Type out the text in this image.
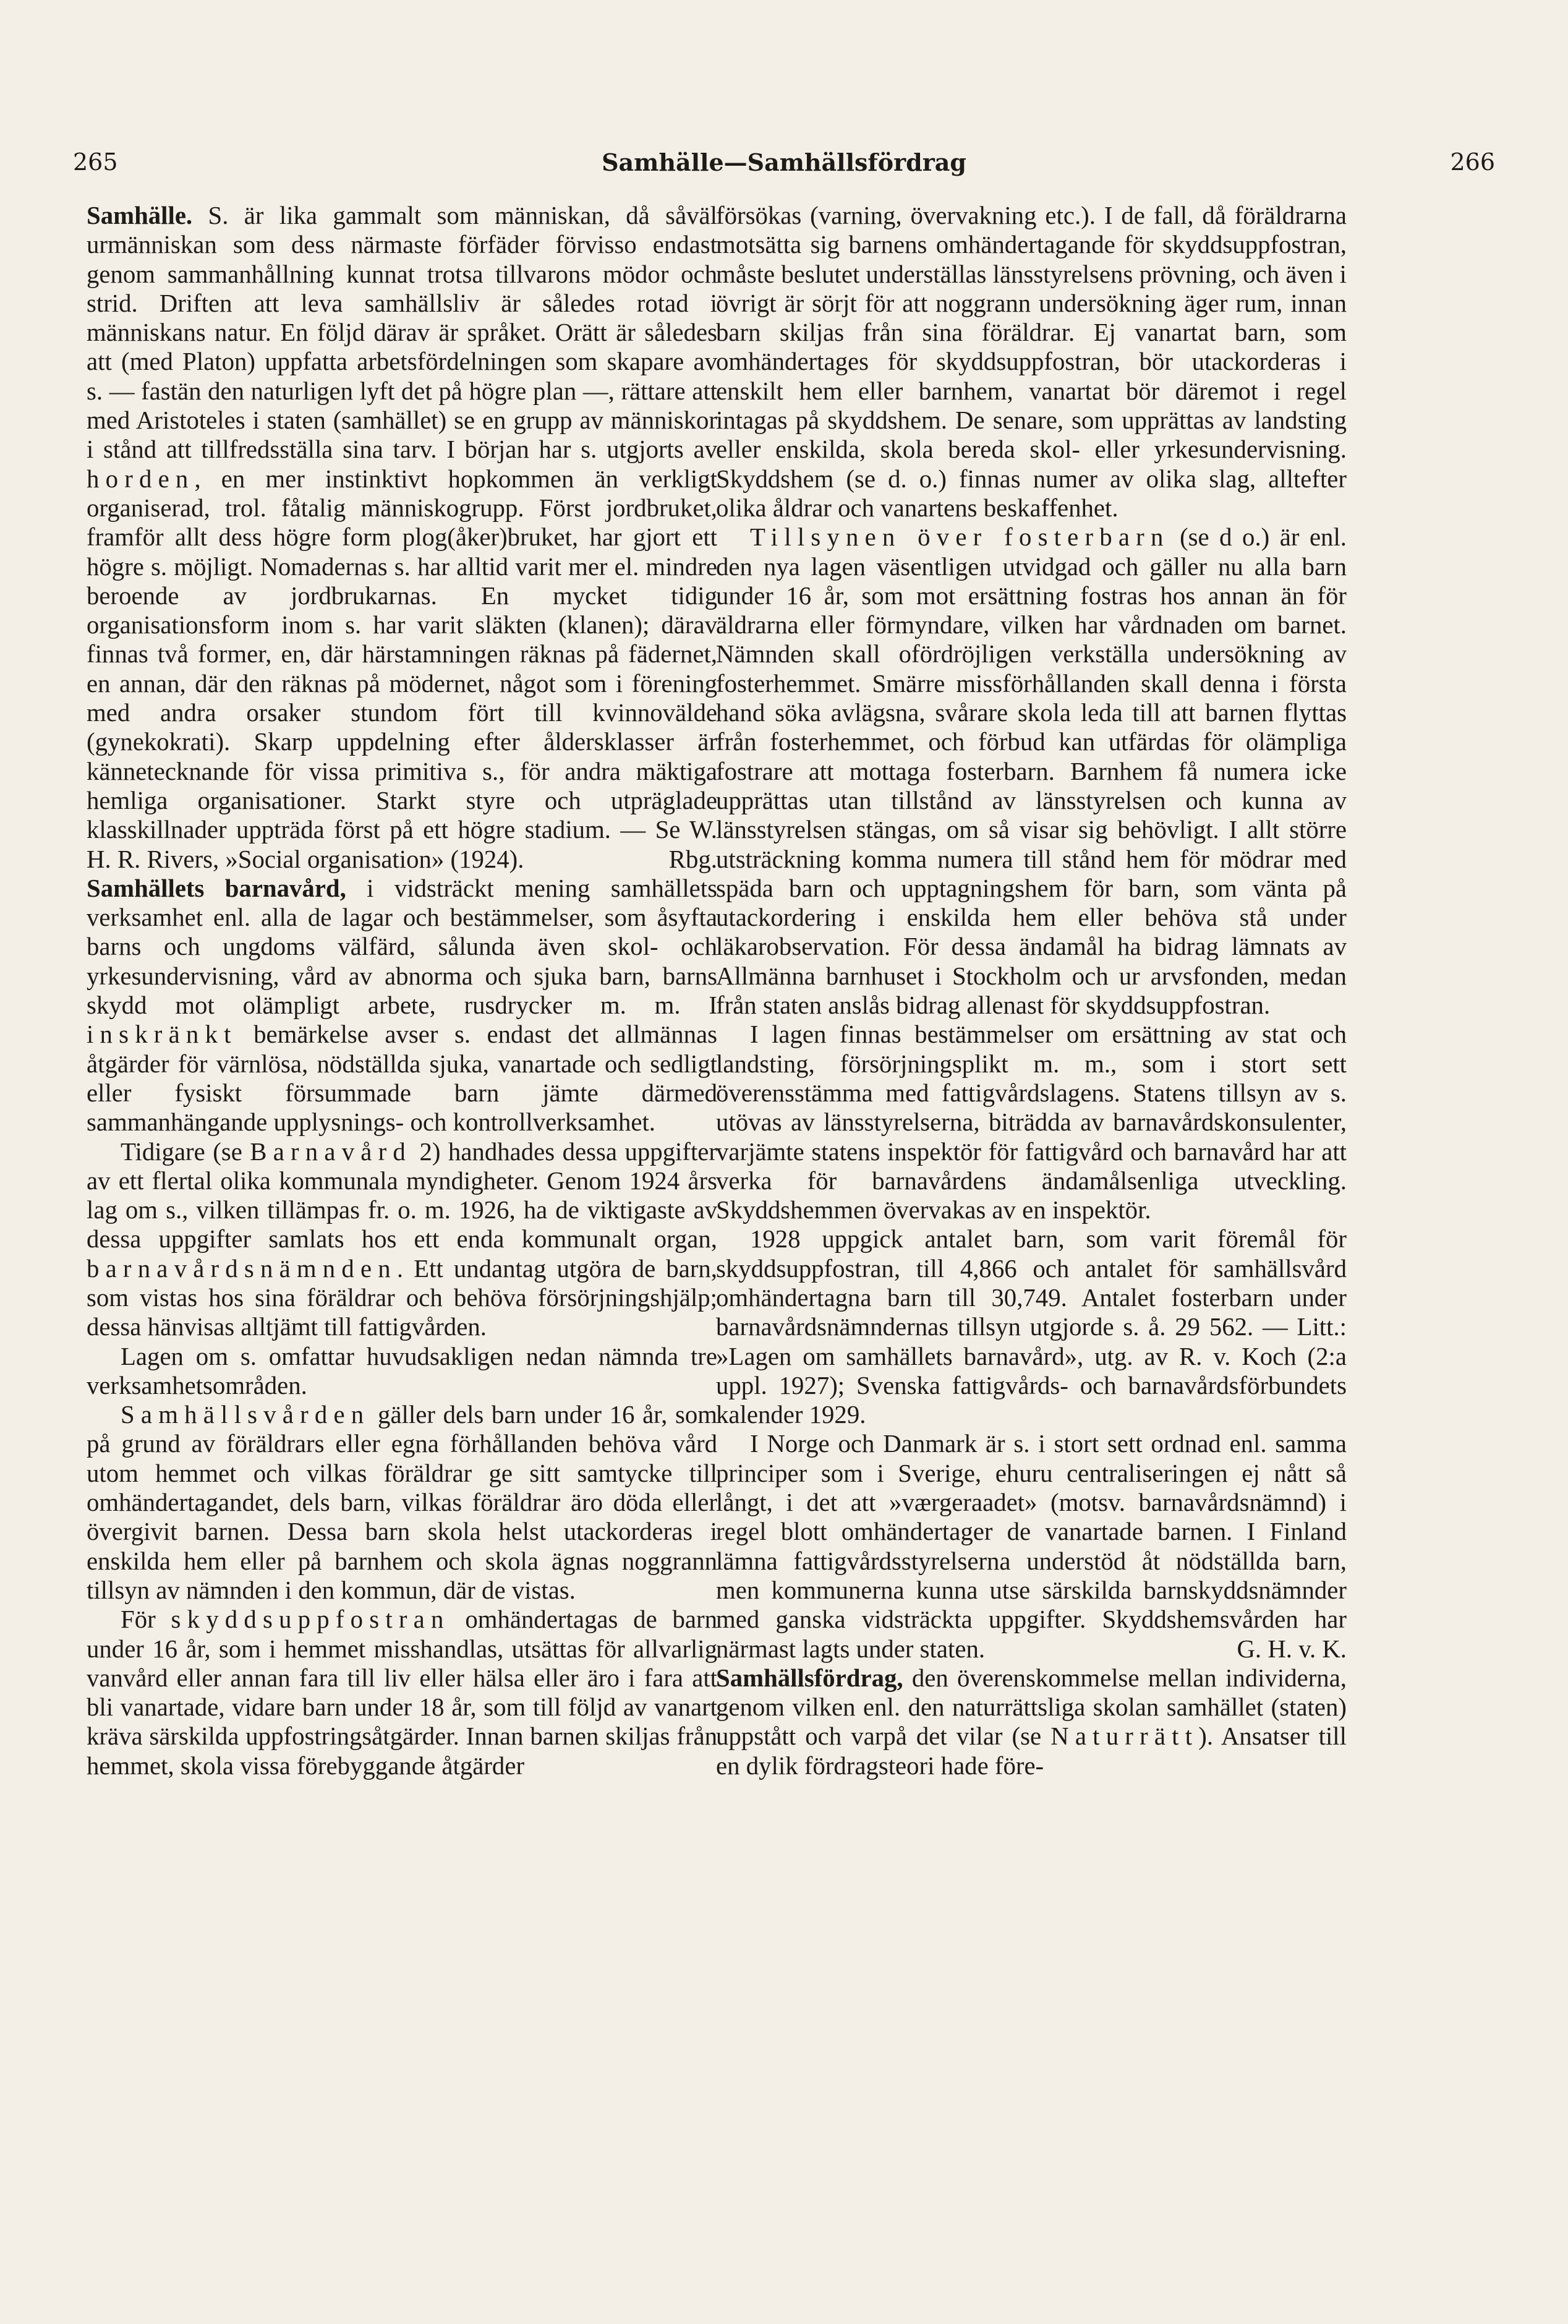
265	Samhälle—Samhällsfördrag	266

Samhälle. S. är lika gammalt som människan, då såväl urmänniskan som dess närmaste förfäder förvisso endast genom sammanhållning kunnat trotsa tillvarons mödor och strid. Driften att leva samhällsliv är således rotad i människans natur. En följd därav är språket. Orätt är således att (med Platon) uppfatta arbetsfördelningen som skapare av s. — fastän den naturligen lyft det på högre plan —, rättare att med Aristoteles i staten (samhället) se en grupp av människor i stånd att tillfredsställa sina tarv. I början har s. utgjorts av horden, en mer instinktivt hopkommen än verkligt organiserad, trol. fåtalig människogrupp. Först jordbruket, framför allt dess högre form plog(åker)bruket, har gjort ett högre s. möjligt. Nomadernas s. har alltid varit mer el. mindre beroende av jordbrukarnas. En mycket tidig organisationsform inom s. har varit släkten (klanen); därav finnas två former, en, där härstamningen räknas på fädernet, en annan, där den räknas på mödernet, något som i förening med andra orsaker stundom fört till kvinnovälde (gynekokrati). Skarp uppdelning efter åldersklasser är kännetecknande för vissa primitiva s., för andra mäktiga hemliga organisationer. Starkt styre och utpräglade klasskillnader uppträda först på ett högre stadium. — Se W. H. R. Rivers, »Social organisation» (1924).	Rbg.

Samhällets barnavård, i vidsträckt mening samhällets verksamhet enl. alla de lagar och bestämmelser, som åsyfta barns och ungdoms välfärd, sålunda även skol- och yrkesundervisning, vård av abnorma och sjuka barn, barns skydd mot olämpligt arbete, rusdrycker m. m. I inskränkt bemärkelse avser s. endast det allmännas åtgärder för värnlösa, nödställda sjuka, vanartade och sedligt eller fysiskt försummade barn jämte därmed sammanhängande upplysnings- och kontrollverksamhet.

Tidigare (se Barnavård 2) handhades dessa uppgifter av ett flertal olika kommunala myndigheter. Genom 1924 års lag om s., vilken tillämpas fr. o. m. 1926, ha de viktigaste av dessa uppgifter samlats hos ett enda kommunalt organ, barnavårdsnämnden. Ett undantag utgöra de barn, som vistas hos sina föräldrar och behöva försörjningshjälp; dessa hänvisas alltjämt till fattigvården.

Lagen om s. omfattar huvudsakligen nedan nämnda tre verksamhetsområden.

Samhällsvården gäller dels barn under 16 år, som på grund av föräldrars eller egna förhållanden behöva vård utom hemmet och vilkas föräldrar ge sitt samtycke till omhändertagandet, dels barn, vilkas föräldrar äro döda eller övergivit barnen. Dessa barn skola helst utackorderas i enskilda hem eller på barnhem och skola ägnas noggrann tillsyn av nämnden i den kommun, där de vistas.

För skyddsuppfostran omhändertagas de barn under 16 år, som i hemmet misshandlas, utsättas för allvarlig vanvård eller annan fara till liv eller hälsa eller äro i fara att bli vanartade, vidare barn under 18 år, som till följd av vanart kräva särskilda uppfostringsåtgärder. Innan barnen skiljas från hemmet, skola vissa förebyggande åtgärder

försökas (varning, övervakning etc.). I de fall, då föräldrarna motsätta sig barnens omhändertagande för skyddsuppfostran, måste beslutet underställas länsstyrelsens prövning, och även i övrigt är sörjt för att noggrann undersökning äger rum, innan barn skiljas från sina föräldrar. Ej vanartat barn, som omhändertages för skyddsuppfostran, bör utackorderas i enskilt hem eller barnhem, vanartat bör däremot i regel intagas på skyddshem. De senare, som upprättas av landsting eller enskilda, skola bereda skol- eller yrkesundervisning. Skyddshem (se d. o.) finnas numer av olika slag, alltefter olika åldrar och vanartens beskaffenhet.

Tillsynen över fosterbarn (se d o.) är enl. den nya lagen väsentligen utvidgad och gäller nu alla barn under 16 år, som mot ersättning fostras hos annan än för äldrarna eller förmyndare, vilken har vårdnaden om barnet. Nämnden skall ofördröjligen verkställa undersökning av fosterhemmet. Smärre missförhållanden skall denna i första hand söka avlägsna, svårare skola leda till att barnen flyttas från fosterhemmet, och förbud kan utfärdas för olämpliga fostrare att mottaga fosterbarn. Barnhem få numera icke upprättas utan tillstånd av länsstyrelsen och kunna av länsstyrelsen stängas, om så visar sig behövligt. I allt större utsträckning komma numera till stånd hem för mödrar med späda barn och upptagningshem för barn, som vänta på utackordering i enskilda hem eller behöva stå under läkarobservation. För dessa ändamål ha bidrag lämnats av Allmänna barnhuset i Stockholm och ur arvsfonden, medan från staten anslås bidrag allenast för skyddsuppfostran.

I lagen finnas bestämmelser om ersättning av stat och landsting, försörjningsplikt m. m., som i stort sett överensstämma med fattigvårdslagens. Statens tillsyn av s. utövas av länsstyrelserna, biträdda av barnavårdskonsulenter, varjämte statens inspektör för fattigvård och barnavård har att verka för barnavårdens ändamålsenliga utveckling. Skyddshemmen övervakas av en inspektör.

1928 uppgick antalet barn, som varit föremål för skyddsuppfostran, till 4,866 och antalet för samhällsvård omhändertagna barn till 30,749. Antalet fosterbarn under barnavårdsnämndernas tillsyn utgjorde s. å. 29 562. — Litt.: »Lagen om samhällets barnavård», utg. av R. v. Koch (2:a uppl. 1927); Svenska fattigvårds- och barnavårdsförbundets kalender 1929.

I Norge och Danmark är s. i stort sett ordnad enl. samma principer som i Sverige, ehuru centraliseringen ej nått så långt, i det att »værgeraadet» (motsv. barnavårdsnämnd) i regel blott omhändertager de vanartade barnen. I Finland lämna fattigvårdsstyrelserna understöd åt nödställda barn, men kommunerna kunna utse särskilda barnskyddsnämnder med ganska vidsträckta uppgifter. Skyddshemsvården har närmast lagts under staten.	G. H. v. K.

Samhällsfördrag, den överenskommelse mellan individerna, genom vilken enl. den naturrättsliga skolan samhället (staten) uppstått och varpå det vilar (se Naturrätt). Ansatser till en dylik fördragsteori hade före-
